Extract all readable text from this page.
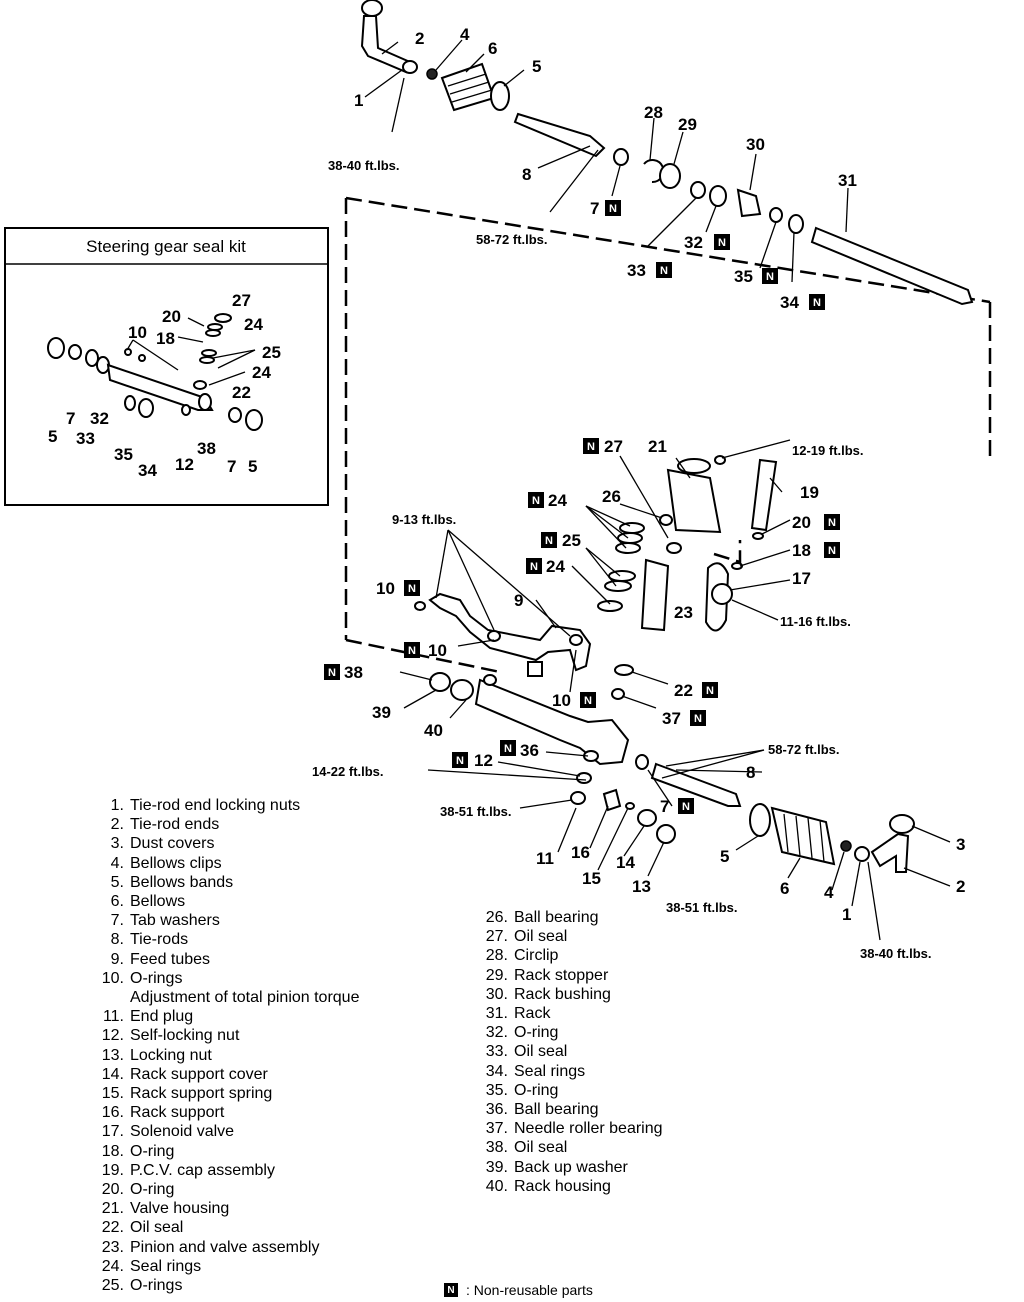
Steering gear seal kit
20
27
24
10 18
25
24
22
5
7 32
33
35
34 12
38
7 5
2
1
4
6
5
8
7
28
29
30
31
32
33	35
34
27 21
19
20
18
17
26
24
25
24
23
10
9
10
10
38
39
40
22
37
12
36
8
7
11 16
14
15 13
5
6 4
1
3
2
N
N
N	N
N
N
N
N
N
N
N
N
N
N
N
N
N
N
N
N
38-40 ft.lbs.
58-72 ft.lbs.
12-19 ft.lbs.
9-13 ft.lbs.
11-16 ft.lbs.
58-72 ft.lbs.
14-22 ft.lbs.
38-51 ft.lbs.
38-51 ft.lbs.
38-40 ft.lbs.
1. Tie-rod end locking nuts
2. Tie-rod ends
3. Dust covers
4. Bellows clips
5. Bellows bands
6. Bellows
7. Tab washers
8. Tie-rods
9. Feed tubes
10. O-rings
Adjustment of total pinion torque
11. End plug
12. Self-locking nut
13. Locking nut
14. Rack support cover
15. Rack support spring
16. Rack support
17. Solenoid valve
18. O-ring
19. P.C.V. cap assembly
20. O-ring
21. Valve housing
22. Oil seal
23. Pinion and valve assembly
24. Seal rings
25. O-rings
26. Ball bearing
27. Oil seal
28. Circlip
29. Rack stopper
30. Rack bushing
31. Rack
32. O-ring
33. Oil seal
34. Seal rings
35. O-ring
36. Ball bearing
37. Needle roller bearing
38. Oil seal
39. Back up washer
40. Rack housing
N : Non-reusable parts
